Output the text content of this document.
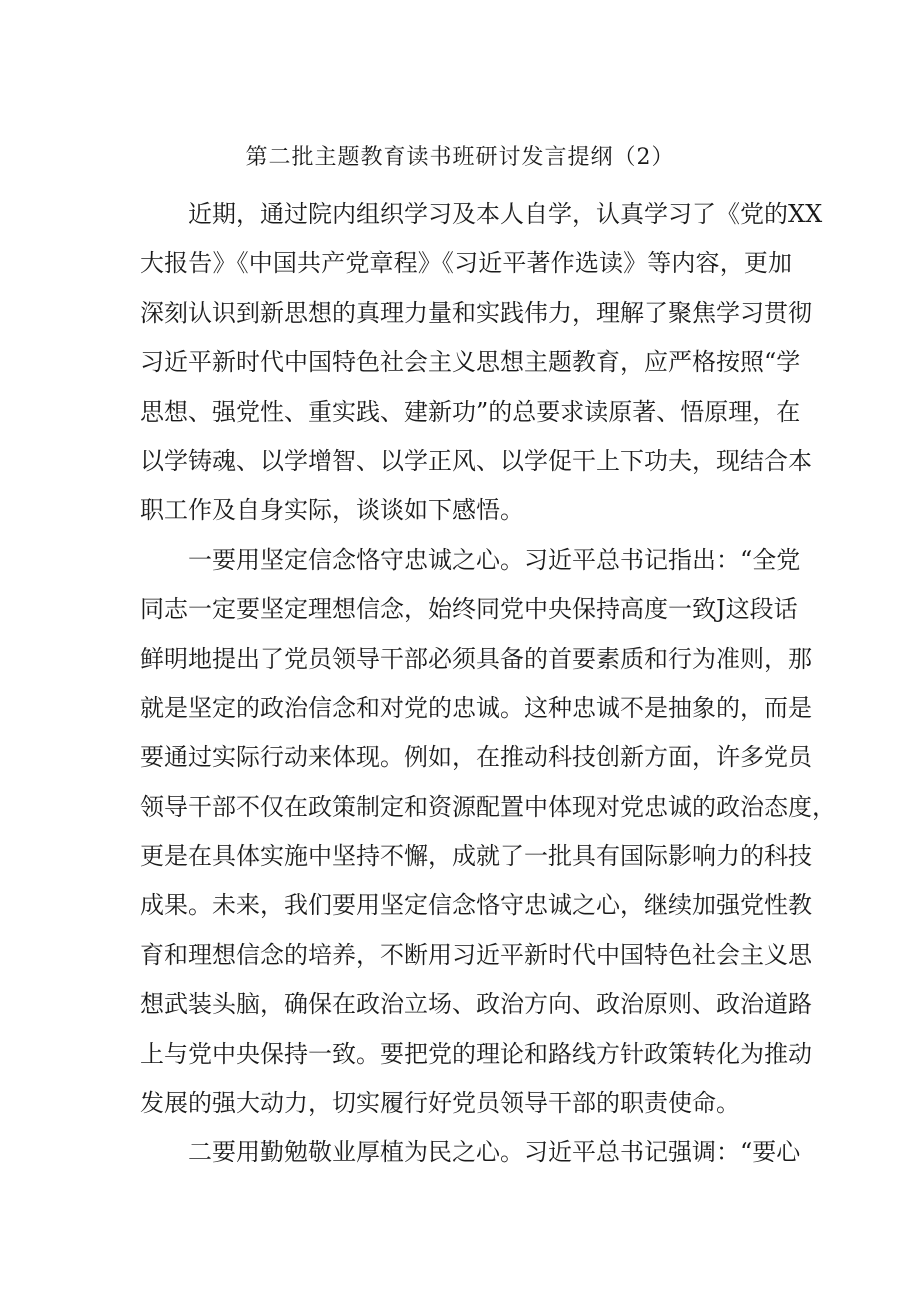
第二批主题教育读书班研讨发言提纲（2）
近期，通过院内组织学习及本人自学，认真学习了《党的XX
大报告》《中国共产党章程》《习近平著作选读》等内容，更加
深刻认识到新思想的真理力量和实践伟力，理解了聚焦学习贯彻
习近平新时代中国特色社会主义思想主题教育，应严格按照“学
思想、强党性、重实践、建新功”的总要求读原著、悟原理，在
以学铸魂、以学增智、以学正风、以学促干上下功夫，现结合本
职工作及自身实际，谈谈如下感悟。
一要用坚定信念恪守忠诚之心。习近平总书记指出：“全党
同志一定要坚定理想信念，始终同党中央保持高度一致J这段话
鲜明地提出了党员领导干部必须具备的首要素质和行为准则，那
就是坚定的政治信念和对党的忠诚。这种忠诚不是抽象的，而是
要通过实际行动来体现。例如，在推动科技创新方面，许多党员
领导干部不仅在政策制定和资源配置中体现对党忠诚的政治态度，
更是在具体实施中坚持不懈，成就了一批具有国际影响力的科技
成果。未来，我们要用坚定信念恪守忠诚之心，继续加强党性教
育和理想信念的培养，不断用习近平新时代中国特色社会主义思
想武装头脑，确保在政治立场、政治方向、政治原则、政治道路
上与党中央保持一致。要把党的理论和路线方针政策转化为推动
发展的强大动力，切实履行好党员领导干部的职责使命。
二要用勤勉敬业厚植为民之心。习近平总书记强调：“要心
